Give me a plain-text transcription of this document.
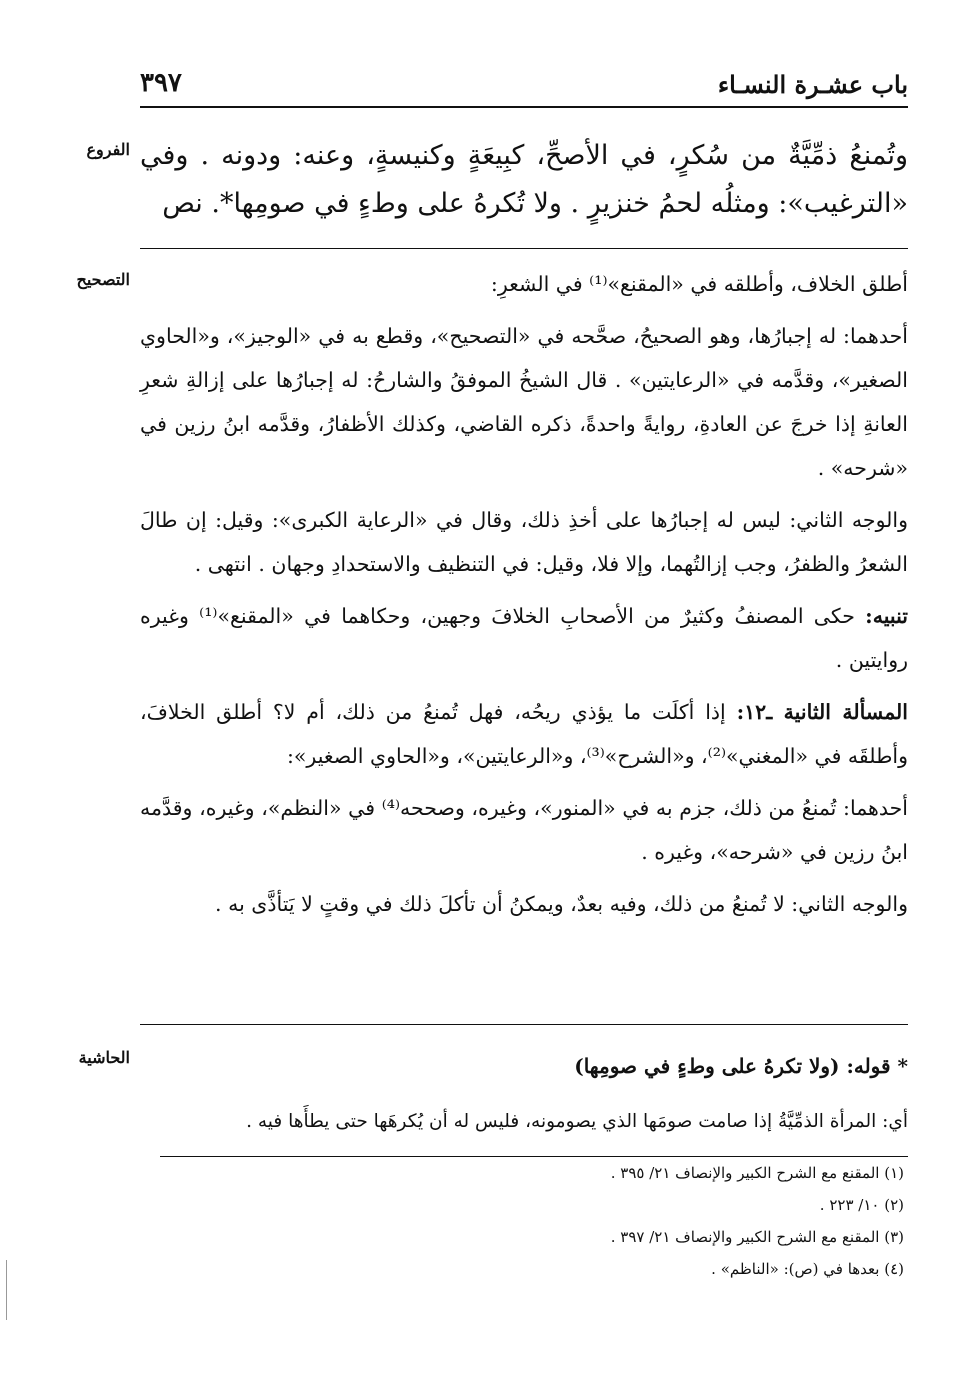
باب عشـرة النسـاء
٣٩٧
الفروع وتُمنعُ ذمِّيَّةٌ من سُكرٍ، في الأصحِّ، كبِيعَةٍ وكنيسةٍ، وعنه: ودونه . وفي «الترغيب»: ومثلُه لحمُ خنزيرٍ . ولا تُكرهُ على وطءٍ في صومِها*. نص
التصحيح	أطلق الخلاف، وأطلقه في «المقنع»⁽¹⁾ في الشعرِ:

أحدهما: له إجبارُها، وهو الصحيحُ، صحَّحه في «التصحيح»، وقطع به في «الوجيز»، و«الحاوي الصغير»، وقدَّمه في «الرعايتين» . قال الشيخُ الموفقُ والشارحُ: له إجبارُها على إزالةِ شعرِ العانةِ إذا خرجَ عن العادةِ، روايةً واحدةً، ذكره القاضي، وكذلك الأظفارُ، وقدَّمه ابنُ رزين في «شرحه» .

والوجه الثاني: ليس له إجبارُها على أخذِ ذلك، وقال في «الرعاية الكبرى»: وقيل: إن طالَ الشعرُ والظفرُ، وجب إزالتُهما، وإلا فلا، وقيل: في التنظيف والاستحدادِ وجهان . انتهى .

تنبيه: حكى المصنفُ وكثيرٌ من الأصحابِ الخلافَ وجهين، وحكاهما في «المقنع»⁽¹⁾ وغيره روايتين .

المسألة الثانية ـ١٢: إذا أكلَت ما يؤذي ريحُه، فهل تُمنعُ من ذلك، أم لا؟ أطلق الخلافَ، وأطلقَه في «المغني»⁽²⁾، و«الشرح»⁽³⁾، و«الرعايتين»، و«الحاوي الصغير»:

أحدهما: تُمنعُ من ذلك، جزم به في «المنور»، وغيره، وصححه⁽⁴⁾ في «النظم»، وغيره، وقدَّمه ابنُ رزين في «شرحه»، وغيره .

والوجه الثاني: لا تُمنعُ من ذلك، وفيه بعدٌ، ويمكنُ أن تأكلَ ذلك في وقتٍ لا يَتأذَّى به .

الحاشية	* قوله: (ولا تكرهُ على وطءٍ في صومِها)
أي: المرأة الذمِّيَّةُ إذا صامت صومَها الذي يصومونه، فليس له أن يُكرهَها حتى يطأَها فيه .
(١) المقنع مع الشرح الكبير والإنصاف ٢١/ ٣٩٥ .
(٢) ١٠/ ٢٢٣ .
(٣) المقنع مع الشرح الكبير والإنصاف ٢١/ ٣٩٧ .
(٤) بعدها في (ص): «الناظم» .
